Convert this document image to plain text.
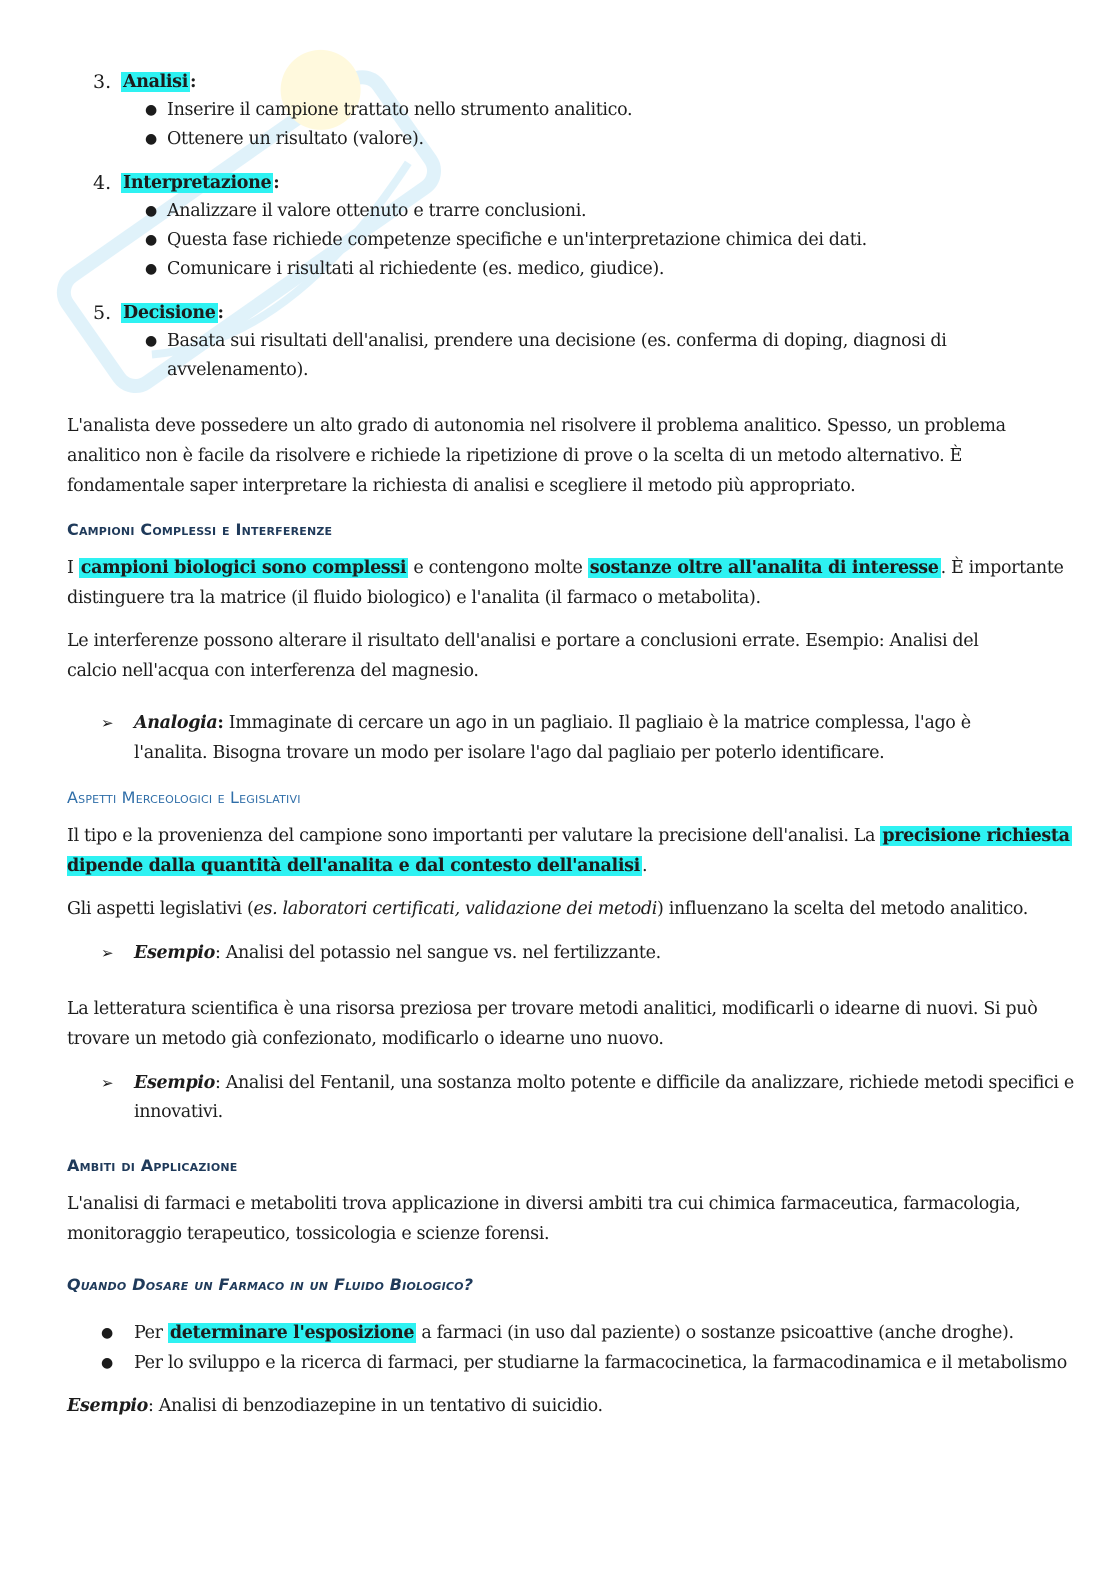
3. Analisi :
● Inserire il campione trattato nello strumento analitico.
● Ottenere un risultato (valore).
4. Interpretazione :
● Analizzare il valore ottenuto e trarre conclusioni.
● Questa fase richiede competenze specifiche e un'interpretazione chimica dei dati.
● Comunicare i risultati al richiedente (es. medico, giudice).
5. Decisione :
● Basata sui risultati dell'analisi, prendere una decisione (es. conferma di doping, diagnosi di
avvelenamento).
L'analista deve possedere un alto grado di autonomia nel risolvere il problema analitico. Spesso, un problema
analitico non è facile da risolvere e richiede la ripetizione di prove o la scelta di un metodo alternativo. È
fondamentale saper interpretare la richiesta di analisi e scegliere il metodo più appropriato.
Campioni Complessi e Interferenze
I campioni biologici sono complessi e contengono molte sostanze oltre all'analita di interesse . È importante
distinguere tra la matrice (il fluido biologico) e l'analita (il farmaco o metabolita).
Le interferenze possono alterare il risultato dell'analisi e portare a conclusioni errate. Esempio: Analisi del
calcio nell'acqua con interferenza del magnesio.
➢ Analogia: Immaginate di cercare un ago in un pagliaio. Il pagliaio è la matrice complessa, l'ago è
l'analita. Bisogna trovare un modo per isolare l'ago dal pagliaio per poterlo identificare.
Aspetti Merceologici e Legislativi
Il tipo e la provenienza del campione sono importanti per valutare la precisione dell'analisi. La precisione richiesta
dipende dalla quantità dell'analita e dal contesto dell'analisi .
Gli aspetti legislativi (es. laboratori certificati, validazione dei metodi) influenzano la scelta del metodo analitico.
➢ Esempio: Analisi del potassio nel sangue vs. nel fertilizzante.
La letteratura scientifica è una risorsa preziosa per trovare metodi analitici, modificarli o idearne di nuovi. Si può
trovare un metodo già confezionato, modificarlo o idearne uno nuovo.
➢ Esempio: Analisi del Fentanil, una sostanza molto potente e difficile da analizzare, richiede metodi specifici e
innovativi.
Ambiti di Applicazione
L'analisi di farmaci e metaboliti trova applicazione in diversi ambiti tra cui chimica farmaceutica, farmacologia,
monitoraggio terapeutico, tossicologia e scienze forensi.
Quando Dosare un Farmaco in un Fluido Biologico?
● Per determinare l'esposizione a farmaci (in uso dal paziente) o sostanze psicoattive (anche droghe).
● Per lo sviluppo e la ricerca di farmaci, per studiarne la farmacocinetica, la farmacodinamica e il metabolismo
Esempio: Analisi di benzodiazepine in un tentativo di suicidio.
